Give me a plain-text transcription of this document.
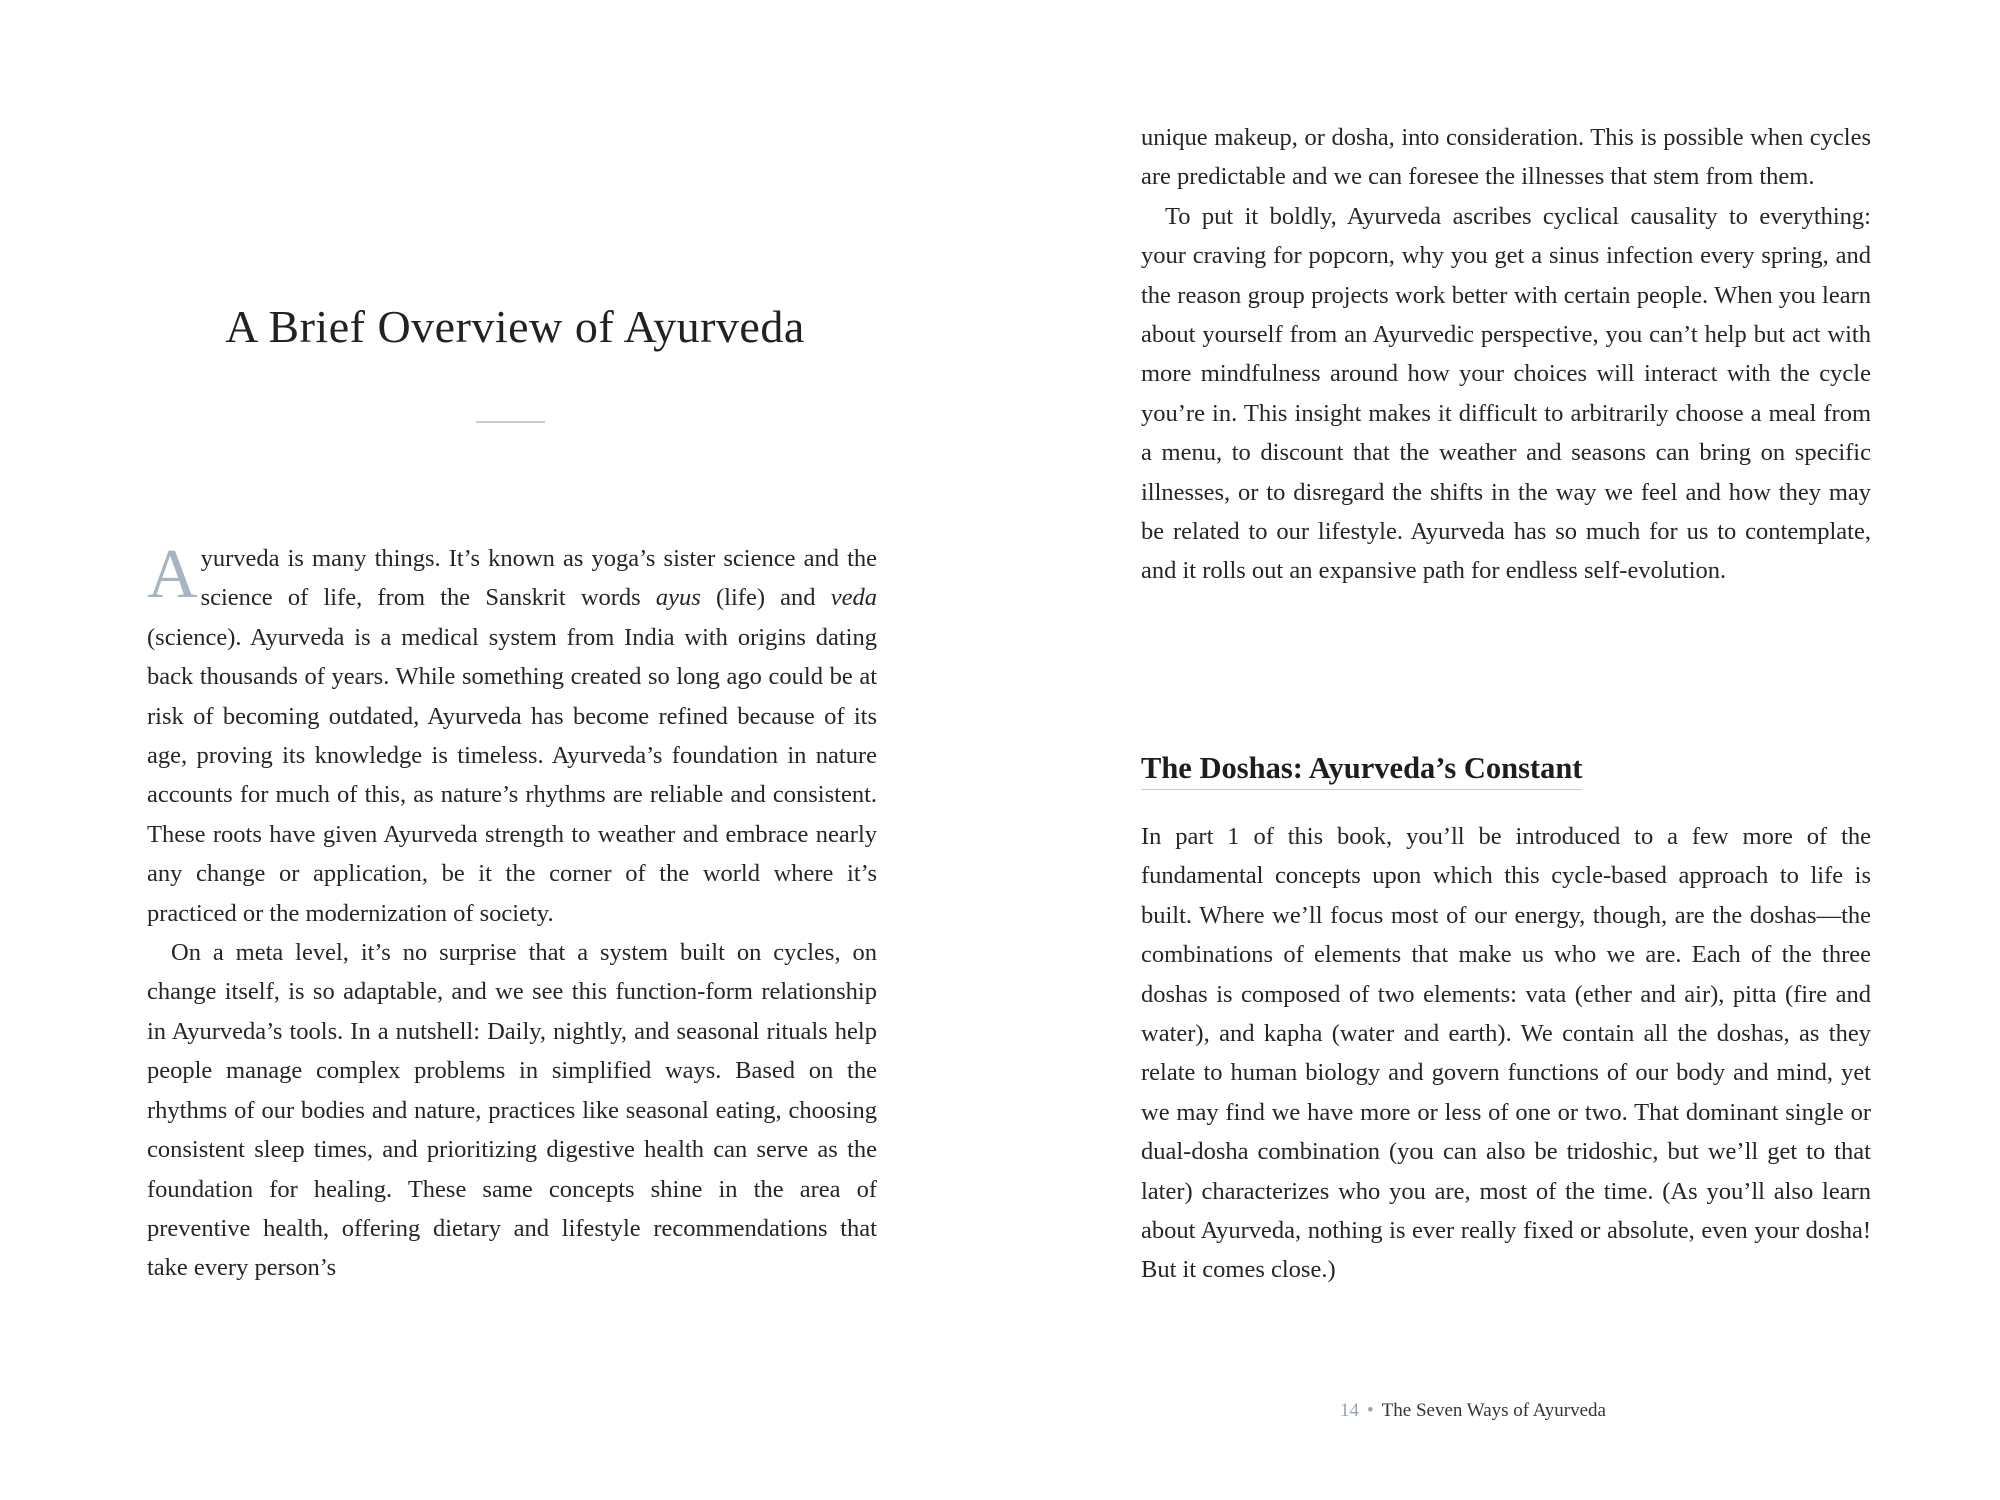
A Brief Overview of Ayurveda

Ayurveda is many things. It’s known as yoga’s sister science and the science of life, from the Sanskrit words ayus (life) and veda (science). Ayurveda is a medical system from India with origins dating back thousands of years. While something created so long ago could be at risk of becoming outdated, Ayurveda has become refined because of its age, proving its knowledge is timeless. Ayurveda’s foundation in nature accounts for much of this, as nature’s rhythms are reliable and consistent. These roots have given Ayurveda strength to weather and embrace nearly any change or application, be it the corner of the world where it’s practiced or the modernization of society.

On a meta level, it’s no surprise that a system built on cycles, on change itself, is so adaptable, and we see this function-form relationship in Ayurveda’s tools. In a nutshell: Daily, nightly, and seasonal rituals help people manage complex problems in simplified ways. Based on the rhythms of our bodies and nature, practices like seasonal eating, choosing consistent sleep times, and prioritizing digestive health can serve as the foundation for healing. These same concepts shine in the area of preventive health, offering dietary and lifestyle recommendations that take every person’s

unique makeup, or dosha, into consideration. This is possible when cycles are predictable and we can foresee the illnesses that stem from them.

To put it boldly, Ayurveda ascribes cyclical causality to everything: your craving for popcorn, why you get a sinus infection every spring, and the reason group projects work better with certain people. When you learn about yourself from an Ayurvedic perspective, you can’t help but act with more mindfulness around how your choices will interact with the cycle you’re in. This insight makes it difficult to arbitrarily choose a meal from a menu, to discount that the weather and seasons can bring on specific illnesses, or to disregard the shifts in the way we feel and how they may be related to our lifestyle. Ayurveda has so much for us to contemplate, and it rolls out an expansive path for endless self-evolution.

The Doshas: Ayurveda’s Constant

In part 1 of this book, you’ll be introduced to a few more of the fundamental concepts upon which this cycle-based approach to life is built. Where we’ll focus most of our energy, though, are the doshas—the combinations of elements that make us who we are. Each of the three doshas is composed of two elements: vata (ether and air), pitta (fire and water), and kapha (water and earth). We contain all the doshas, as they relate to human biology and govern functions of our body and mind, yet we may find we have more or less of one or two. That dominant single or dual-dosha combination (you can also be tridoshic, but we’ll get to that later) characterizes who you are, most of the time. (As you’ll also learn about Ayurveda, nothing is ever really fixed or absolute, even your dosha! But it comes close.)

14 • The Seven Ways of Ayurveda
